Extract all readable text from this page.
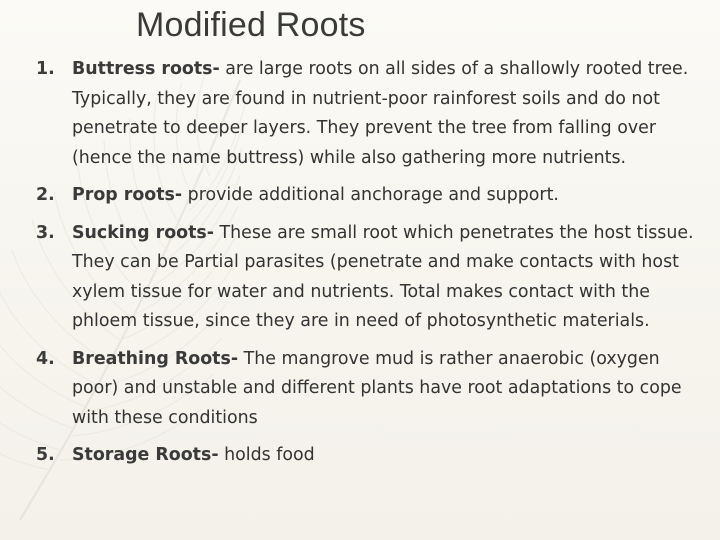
Modified Roots
1. Buttress roots- are large roots on all sides of a shallowly rooted tree. Typically, they are found in nutrient-poor rainforest soils and do not penetrate to deeper layers. They prevent the tree from falling over (hence the name buttress) while also gathering more nutrients.
2. Prop roots- provide additional anchorage and support.
3. Sucking roots- These are small root which penetrates the host tissue. They can be Partial parasites (penetrate and make contacts with host xylem tissue for water and nutrients. Total makes contact with the phloem tissue, since they are in need of photosynthetic materials.
4. Breathing Roots- The mangrove mud is rather anaerobic (oxygen poor) and unstable and different plants have root adaptations to cope with these conditions
5. Storage Roots- holds food
